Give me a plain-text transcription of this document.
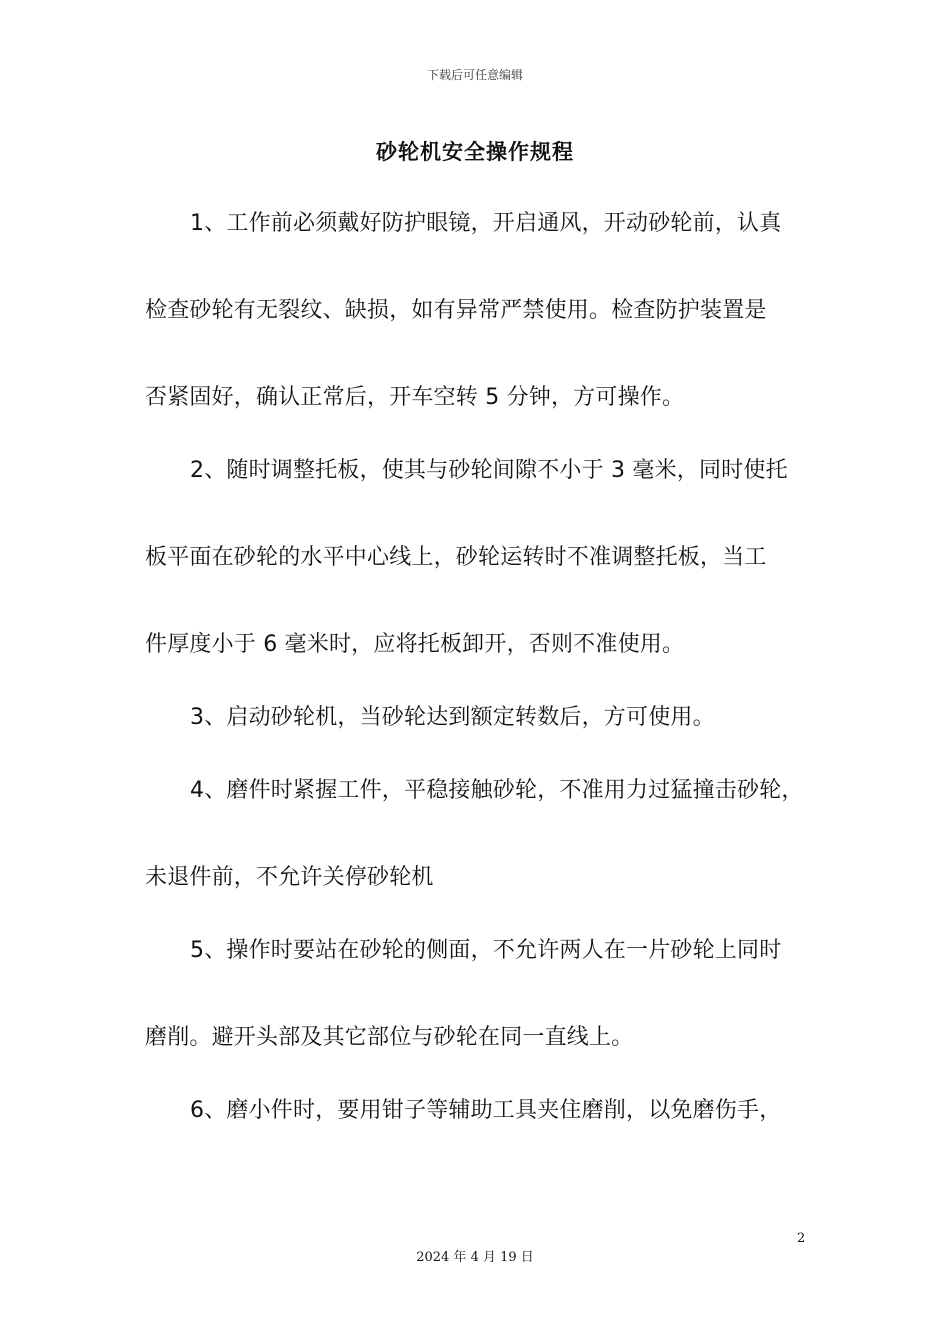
下载后可任意编辑
砂轮机安全操作规程
1、工作前必须戴好防护眼镜，开启通风，开动砂轮前，认真
检查砂轮有无裂纹、缺损，如有异常严禁使用。检查防护装置是
否紧固好，确认正常后，开车空转 5 分钟，方可操作。
2、随时调整托板，使其与砂轮间隙不小于 3 毫米，同时使托
板平面在砂轮的水平中心线上，砂轮运转时不准调整托板，当工
件厚度小于 6 毫米时，应将托板卸开，否则不准使用。
3、启动砂轮机，当砂轮达到额定转数后，方可使用。
4、磨件时紧握工件，平稳接触砂轮，不准用力过猛撞击砂轮，
未退件前，不允许关停砂轮机
5、操作时要站在砂轮的侧面，不允许两人在一片砂轮上同时
磨削。避开头部及其它部位与砂轮在同一直线上。
6、磨小件时，要用钳子等辅助工具夹住磨削，以免磨伤手，
2
2024 年 4 月 19 日
